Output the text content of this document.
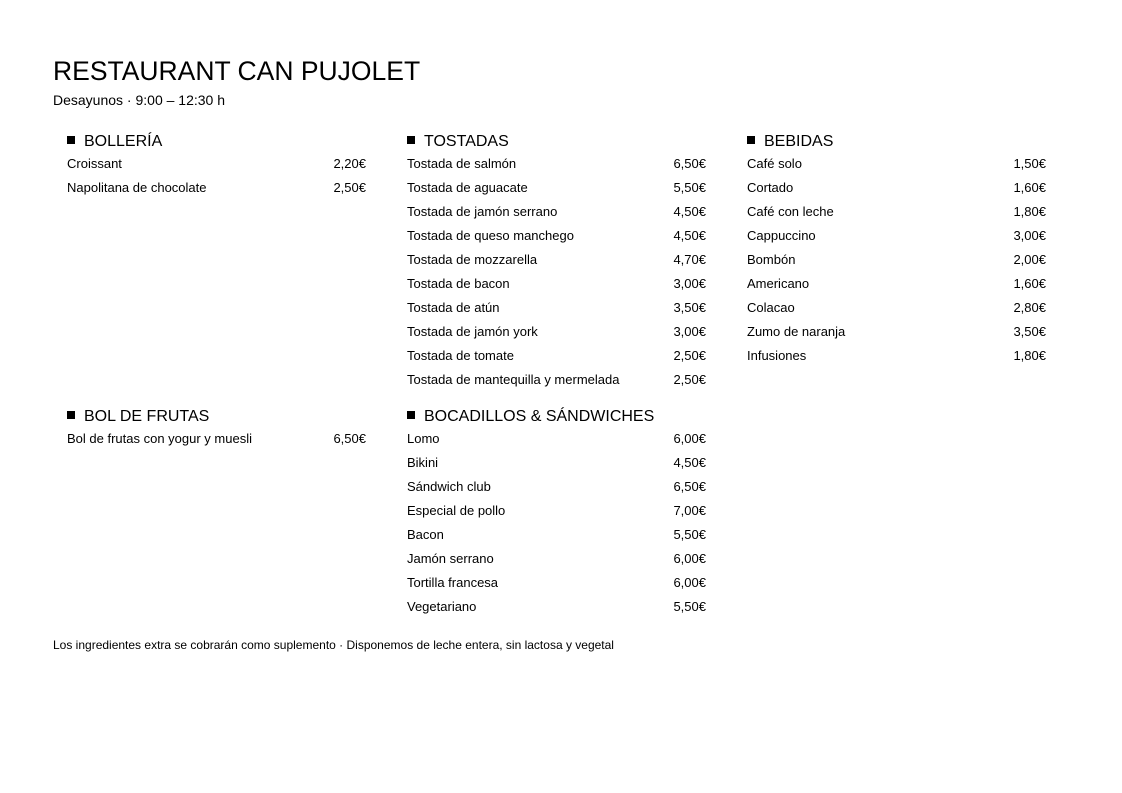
RESTAURANT CAN PUJOLET

Desayunos · 9:00 – 12:30 h

BOLLERÍA
Croissant	2,20€
Napolitana de chocolate	2,50€
TOSTADAS
Tostada de salmón	6,50€
Tostada de aguacate	5,50€
Tostada de jamón serrano	4,50€
Tostada de queso manchego	4,50€
Tostada de mozzarella	4,70€
Tostada de bacon	3,00€
Tostada de atún	3,50€
Tostada de jamón york	3,00€
Tostada de tomate	2,50€
Tostada de mantequilla y mermelada	2,50€
BEBIDAS
Café solo	1,50€
Cortado	1,60€
Café con leche	1,80€
Cappuccino	3,00€
Bombón	2,00€
Americano	1,60€
Colacao	2,80€
Zumo de naranja	3,50€
Infusiones	1,80€
BOL DE FRUTAS
Bol de frutas con yogur y muesli	6,50€
BOCADILLOS & SÁNDWICHES
Lomo	6,00€
Bikini	4,50€
Sándwich club	6,50€
Especial de pollo	7,00€
Bacon	5,50€
Jamón serrano	6,00€
Tortilla francesa	6,00€
Vegetariano	5,50€

Los ingredientes extra se cobrarán como suplemento · Disponemos de leche entera, sin lactosa y vegetal
